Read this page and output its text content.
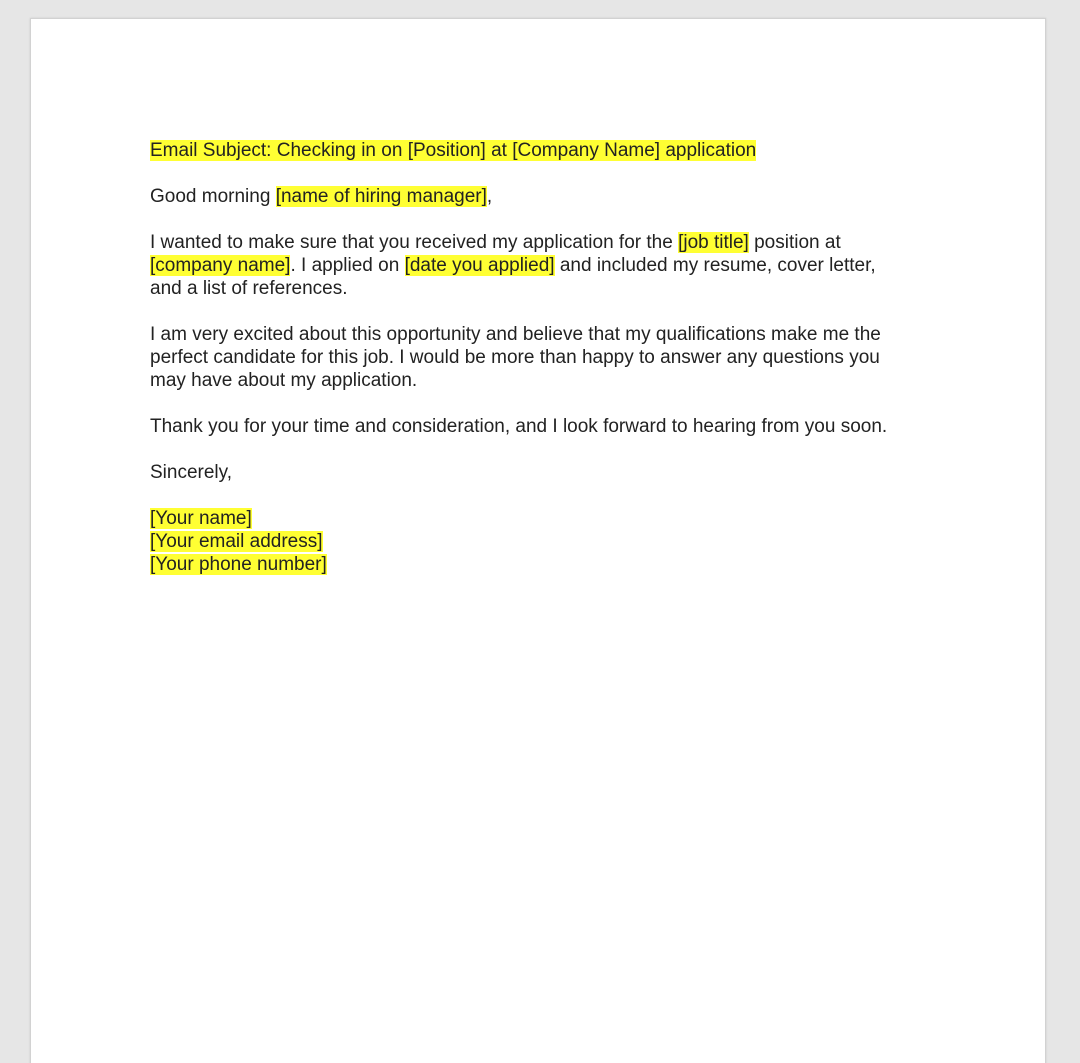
Email Subject: Checking in on [Position] at [Company Name] application
Good morning [name of hiring manager],
I wanted to make sure that you received my application for the [job title] position at
[company name]. I applied on [date you applied] and included my resume, cover letter,
and a list of references.
I am very excited about this opportunity and believe that my qualifications make me the
perfect candidate for this job. I would be more than happy to answer any questions you
may have about my application.
Thank you for your time and consideration, and I look forward to hearing from you soon.
Sincerely,
[Your name]
[Your email address]
[Your phone number]
